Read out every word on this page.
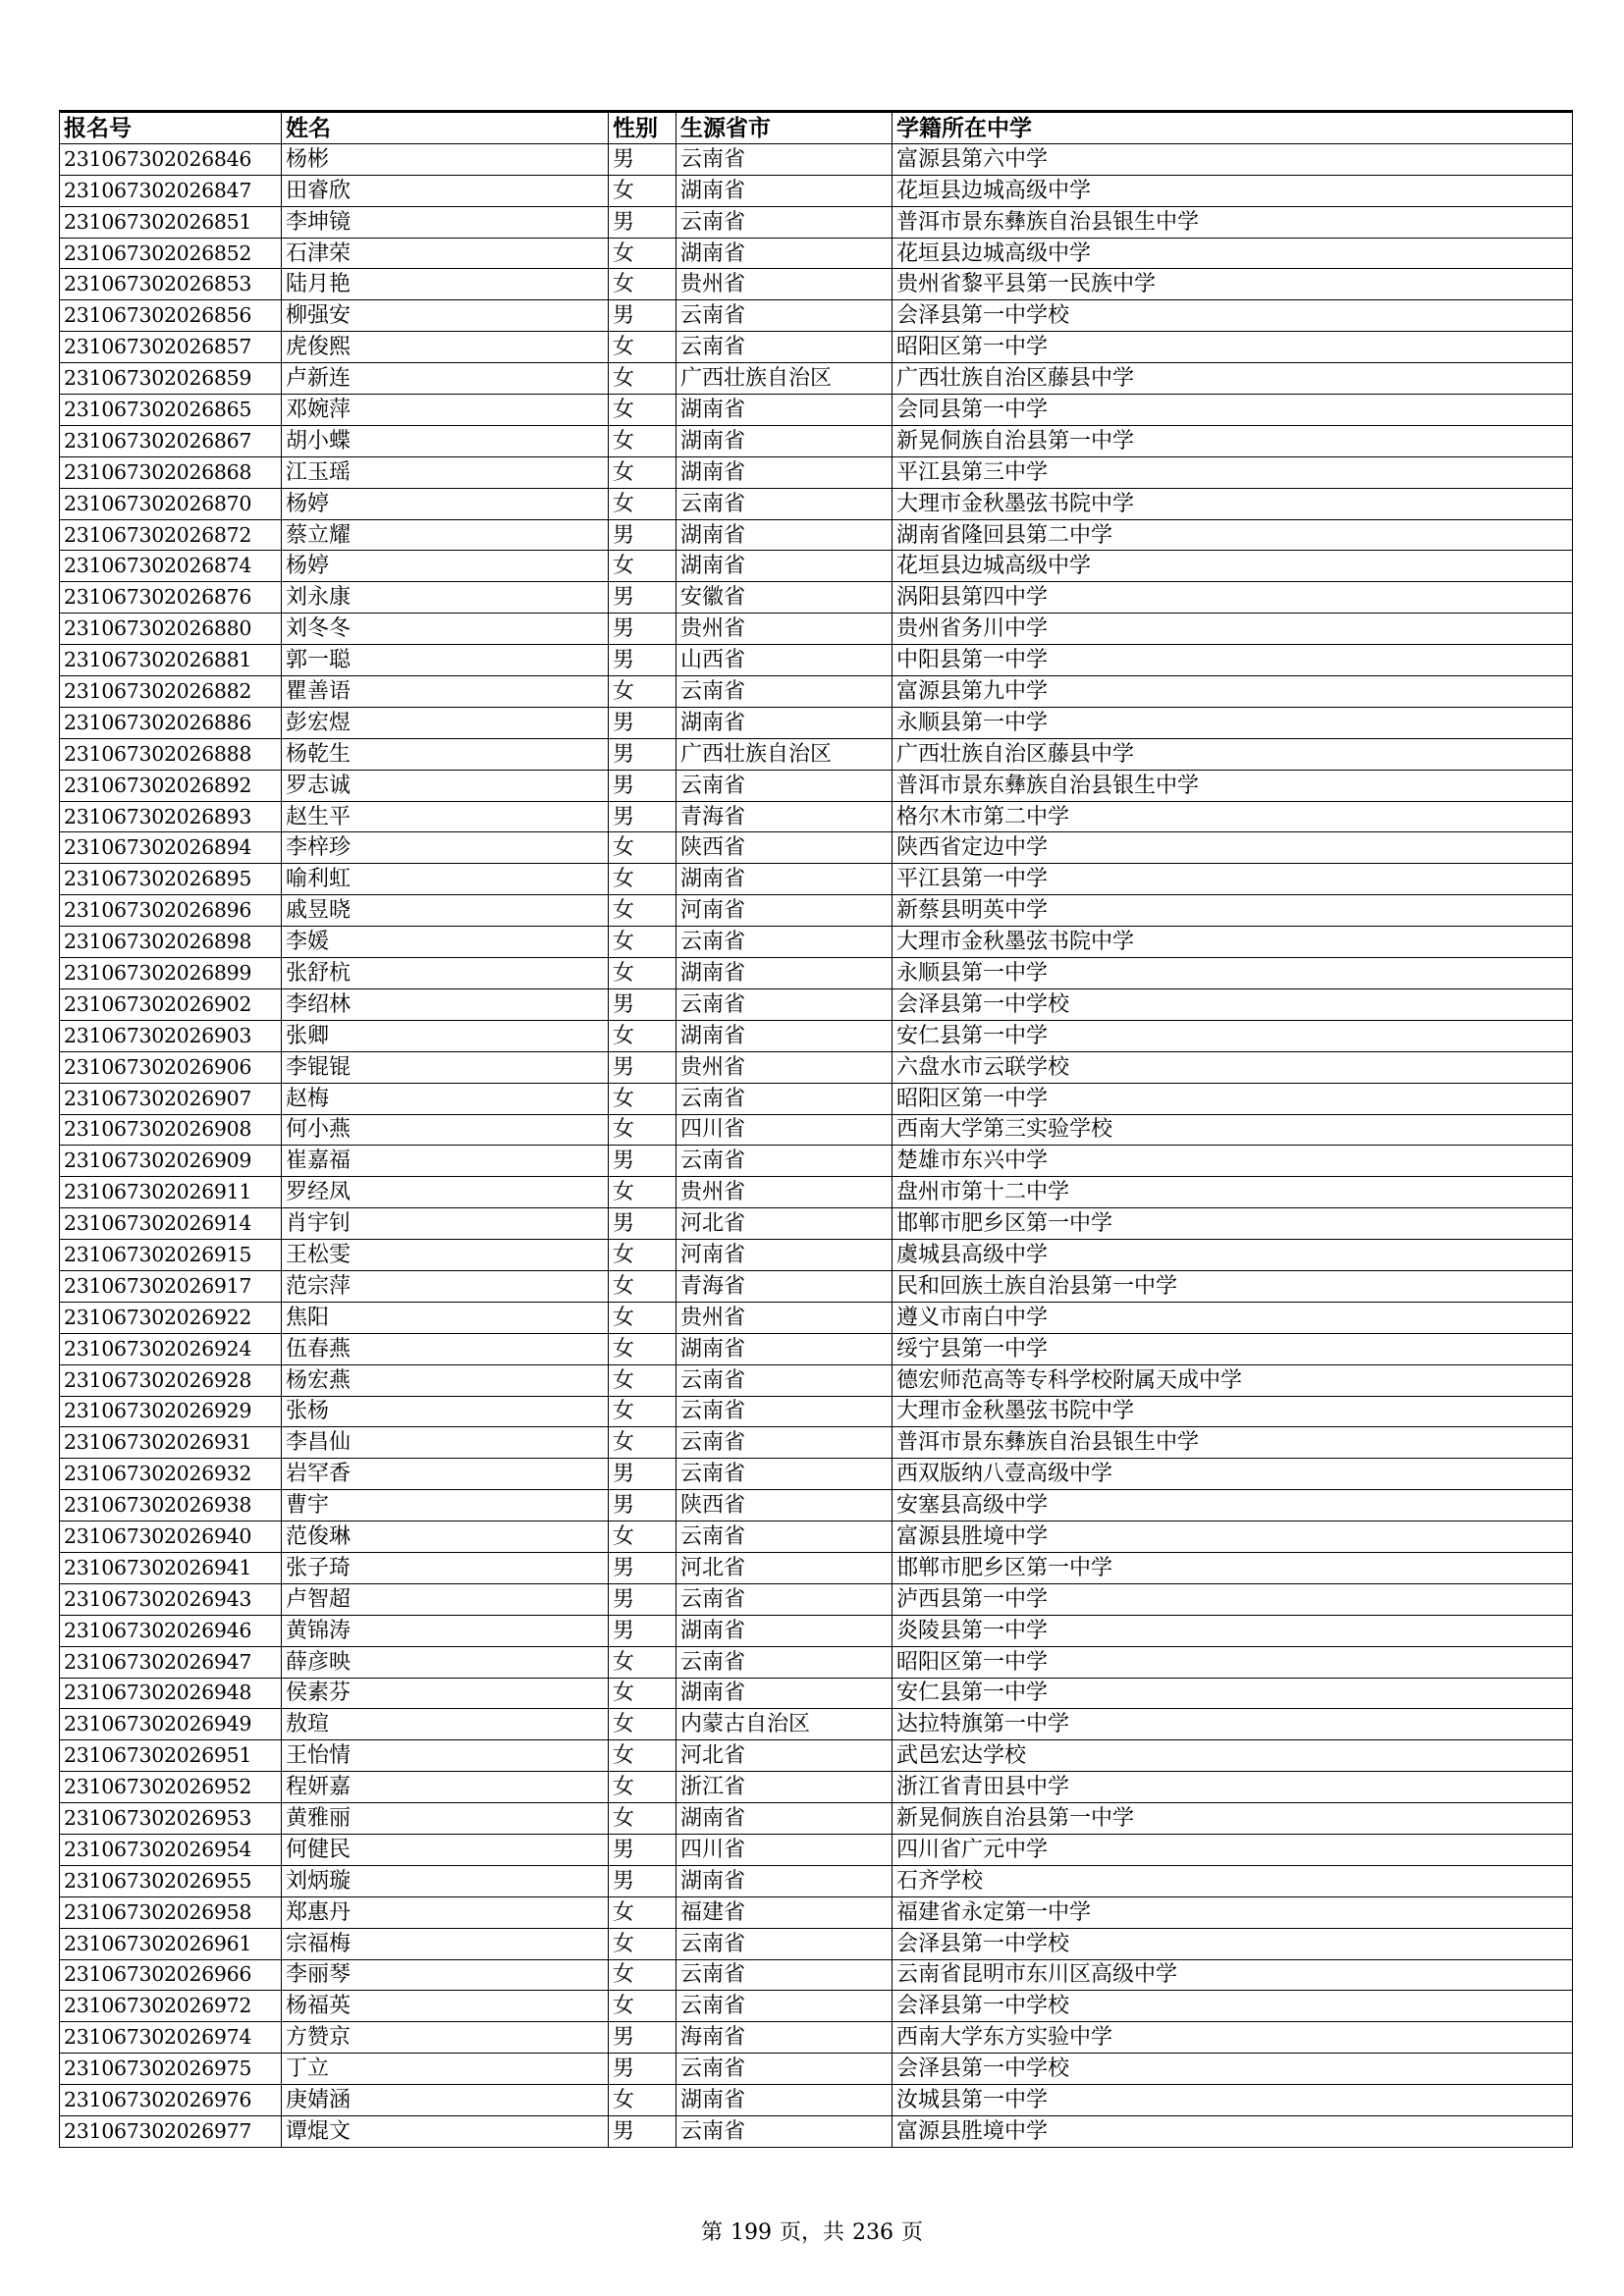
报名号	姓名	性别	生源省市	学籍所在中学
231067302026846	杨彬	男	云南省	富源县第六中学
231067302026847	田睿欣	女	湖南省	花垣县边城高级中学
231067302026851	李坤镜	男	云南省	普洱市景东彝族自治县银生中学
231067302026852	石津荣	女	湖南省	花垣县边城高级中学
231067302026853	陆月艳	女	贵州省	贵州省黎平县第一民族中学
231067302026856	柳强安	男	云南省	会泽县第一中学校
231067302026857	虎俊熙	女	云南省	昭阳区第一中学
231067302026859	卢新连	女	广西壮族自治区	广西壮族自治区藤县中学
231067302026865	邓婉萍	女	湖南省	会同县第一中学
231067302026867	胡小蝶	女	湖南省	新晃侗族自治县第一中学
231067302026868	江玉瑶	女	湖南省	平江县第三中学
231067302026870	杨婷	女	云南省	大理市金秋墨弦书院中学
231067302026872	蔡立耀	男	湖南省	湖南省隆回县第二中学
231067302026874	杨婷	女	湖南省	花垣县边城高级中学
231067302026876	刘永康	男	安徽省	涡阳县第四中学
231067302026880	刘冬冬	男	贵州省	贵州省务川中学
231067302026881	郭一聪	男	山西省	中阳县第一中学
231067302026882	瞿善语	女	云南省	富源县第九中学
231067302026886	彭宏煜	男	湖南省	永顺县第一中学
231067302026888	杨乾生	男	广西壮族自治区	广西壮族自治区藤县中学
231067302026892	罗志诚	男	云南省	普洱市景东彝族自治县银生中学
231067302026893	赵生平	男	青海省	格尔木市第二中学
231067302026894	李梓珍	女	陕西省	陕西省定边中学
231067302026895	喻利虹	女	湖南省	平江县第一中学
231067302026896	戚昱晓	女	河南省	新蔡县明英中学
231067302026898	李媛	女	云南省	大理市金秋墨弦书院中学
231067302026899	张舒杭	女	湖南省	永顺县第一中学
231067302026902	李绍林	男	云南省	会泽县第一中学校
231067302026903	张卿	女	湖南省	安仁县第一中学
231067302026906	李锟锟	男	贵州省	六盘水市云联学校
231067302026907	赵梅	女	云南省	昭阳区第一中学
231067302026908	何小燕	女	四川省	西南大学第三实验学校
231067302026909	崔嘉福	男	云南省	楚雄市东兴中学
231067302026911	罗经凤	女	贵州省	盘州市第十二中学
231067302026914	肖宇钊	男	河北省	邯郸市肥乡区第一中学
231067302026915	王松雯	女	河南省	虞城县高级中学
231067302026917	范宗萍	女	青海省	民和回族土族自治县第一中学
231067302026922	焦阳	女	贵州省	遵义市南白中学
231067302026924	伍春燕	女	湖南省	绥宁县第一中学
231067302026928	杨宏燕	女	云南省	德宏师范高等专科学校附属天成中学
231067302026929	张杨	女	云南省	大理市金秋墨弦书院中学
231067302026931	李昌仙	女	云南省	普洱市景东彝族自治县银生中学
231067302026932	岩罕香	男	云南省	西双版纳八壹高级中学
231067302026938	曹宇	男	陕西省	安塞县高级中学
231067302026940	范俊琳	女	云南省	富源县胜境中学
231067302026941	张子琦	男	河北省	邯郸市肥乡区第一中学
231067302026943	卢智超	男	云南省	泸西县第一中学
231067302026946	黄锦涛	男	湖南省	炎陵县第一中学
231067302026947	薛彦映	女	云南省	昭阳区第一中学
231067302026948	侯素芬	女	湖南省	安仁县第一中学
231067302026949	敖瑄	女	内蒙古自治区	达拉特旗第一中学
231067302026951	王怡情	女	河北省	武邑宏达学校
231067302026952	程妍嘉	女	浙江省	浙江省青田县中学
231067302026953	黄雅丽	女	湖南省	新晃侗族自治县第一中学
231067302026954	何健民	男	四川省	四川省广元中学
231067302026955	刘炳璇	男	湖南省	石齐学校
231067302026958	郑惠丹	女	福建省	福建省永定第一中学
231067302026961	宗福梅	女	云南省	会泽县第一中学校
231067302026966	李丽琴	女	云南省	云南省昆明市东川区高级中学
231067302026972	杨福英	女	云南省	会泽县第一中学校
231067302026974	方赞京	男	海南省	西南大学东方实验中学
231067302026975	丁立	男	云南省	会泽县第一中学校
231067302026976	庚婧涵	女	湖南省	汝城县第一中学
231067302026977	谭焜文	男	云南省	富源县胜境中学
第 199 页，共 236 页
